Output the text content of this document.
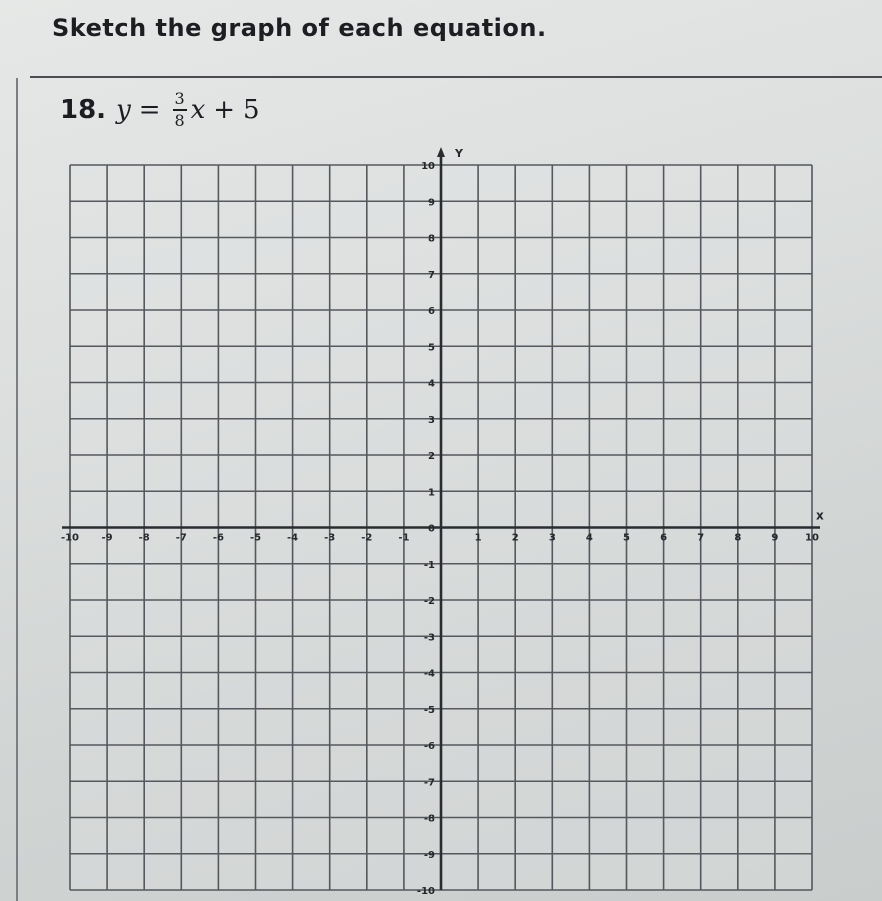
Sketch the graph of each equation.
18. $y = \frac{3}{8}$ x + 5
-10 -9	-8	-7	-6	-5	-4	-3	-2	-1	1	2	3	4	5	6	7	8	9	10
10
9
8
7
6
5
4
3
2
1
0
-1
-2
-3
-4
-5
-6
-7
-8
-9
-10
Y
x
